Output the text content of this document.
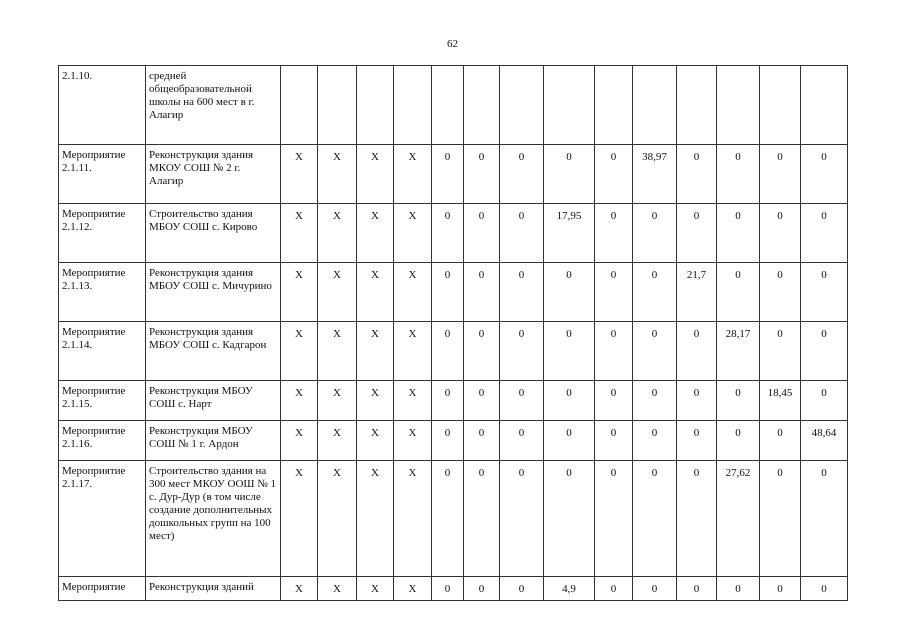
62
2.1.10.	средней общеобразовательной школы на 600 мест в г. Алагир														
Мероприятие 2.1.11.	Реконструкция здания МКОУ СОШ № 2 г. Алагир	Х	Х	Х	Х	0	0	0	0	0	38,97	0	0	0	0
Мероприятие 2.1.12.	Строительство здания МБОУ СОШ с. Кирово	Х	Х	Х	Х	0	0	0	17,95	0	0	0	0	0	0
Мероприятие 2.1.13.	Реконструкция здания МБОУ СОШ с. Мичурино	Х	Х	Х	Х	0	0	0	0	0	0	21,7	0	0	0
Мероприятие 2.1.14.	Реконструкция здания МБОУ СОШ с. Кадгарон	Х	Х	Х	Х	0	0	0	0	0	0	0	28,17	0	0
Мероприятие 2.1.15.	Реконструкция МБОУ СОШ с. Нарт	Х	Х	Х	Х	0	0	0	0	0	0	0	0	18,45	0
Мероприятие 2.1.16.	Реконструкция МБОУ СОШ № 1 г. Ардон	Х	Х	Х	Х	0	0	0	0	0	0	0	0	0	48,64
Мероприятие 2.1.17.	Строительство здания на 300 мест МКОУ ООШ № 1 с. Дур-Дур (в том числе создание дополнительных дошкольных групп на 100 мест)	Х	Х	Х	Х	0	0	0	0	0	0	0	27,62	0	0
Мероприятие	Реконструкция зданий	Х	Х	Х	Х	0	0	0	4,9	0	0	0	0	0	0
